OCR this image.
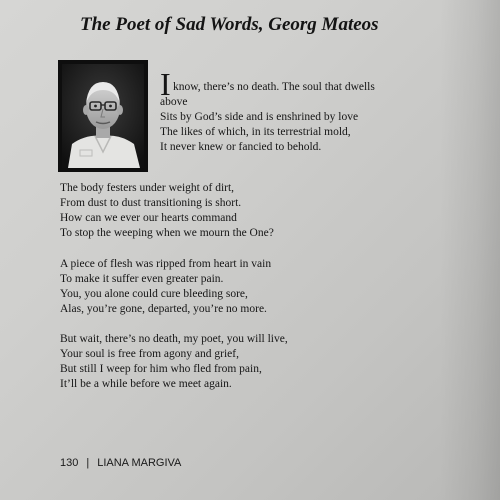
The Poet of Sad Words, Georg Mateos
I know, there’s no death. The soul that dwells
above
Sits by God’s side and is enshrined by love
The likes of which, in its terrestrial mold,
It never knew or fancied to behold.
The body festers under weight of dirt,
From dust to dust transitioning is short.
How can we ever our hearts command
To stop the weeping when we mourn the One?
A piece of flesh was ripped from heart in vain
To make it suffer even greater pain.
You, you alone could cure bleeding sore,
Alas, you’re gone, departed, you’re no more.
But wait, there’s no death, my poet, you will live,
Your soul is free from agony and grief,
But still I weep for him who fled from pain,
It’ll be a while before we meet again.
130 | LIANA MARGIVA
